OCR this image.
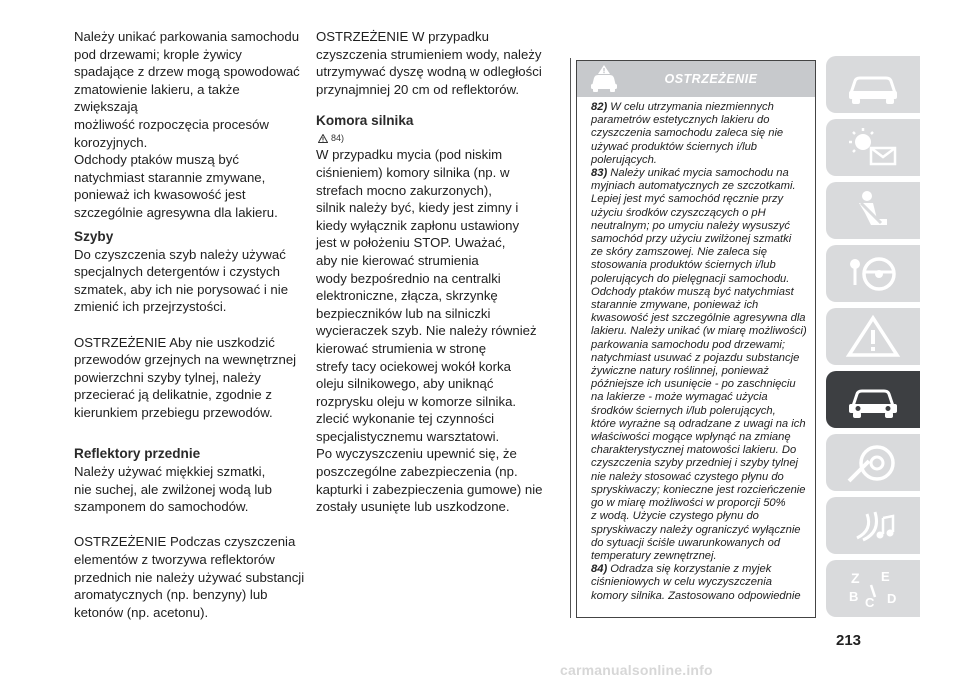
Należy unikać parkowania samochodu
pod drzewami; krople żywicy
spadające z drzew mogą spowodować
zmatowienie lakieru, a także zwiększają
możliwość rozpoczęcia procesów
korozyjnych.

Odchody ptaków muszą być
natychmiast starannie zmywane,
ponieważ ich kwasowość jest
szczególnie agresywna dla lakieru.

Szyby

Do czyszczenia szyb należy używać
specjalnych detergentów i czystych
szmatek, aby ich nie porysować i nie
zmienić ich przejrzystości.

OSTRZEŻENIE Aby nie uszkodzić
przewodów grzejnych na wewnętrznej
powierzchni szyby tylnej, należy
przecierać ją delikatnie, zgodnie z
kierunkiem przebiegu przewodów.

Reflektory przednie

Należy używać miękkiej szmatki,
nie suchej, ale zwilżonej wodą lub
szamponem do samochodów.

OSTRZEŻENIE Podczas czyszczenia
elementów z tworzywa reflektorów
przednich nie należy używać substancji
aromatycznych (np. benzyny) lub
ketonów (np. acetonu).

OSTRZEŻENIE W przypadku
czyszczenia strumieniem wody, należy
utrzymywać dyszę wodną w odległości
przynajmniej 20 cm od reflektorów.

Komora silnika

84)

W przypadku mycia (pod niskim
ciśnieniem) komory silnika (np. w
strefach mocno zakurzonych),
silnik należy być, kiedy jest zimny i
kiedy wyłącznik zapłonu ustawiony
jest w położeniu STOP. Uważać,
aby nie kierować strumienia
wody bezpośrednio na centralki
elektroniczne, złącza, skrzynkę
bezpieczników lub na silniczki
wycieraczek szyb. Nie należy również
kierować strumienia w stronę
strefy tacy ociekowej wokół korka
oleju silnikowego, aby uniknąć
rozprysku oleju w komorze silnika.
zlecić wykonanie tej czynności
specjalistycznemu warsztatowi.
Po wyczyszczeniu upewnić się, że
poszczególne zabezpieczenia (np.
kapturki i zabezpieczenia gumowe) nie
zostały usunięte lub uszkodzone.

OSTRZEŻENIE

82) W celu utrzymania niezmiennych
parametrów estetycznych lakieru do
czyszczenia samochodu zaleca się nie
używać produktów ściernych i/lub
polerujących.

83) Należy unikać mycia samochodu na
myjniach automatycznych ze szczotkami.
Lepiej jest myć samochód ręcznie przy
użyciu środków czyszczących o pH
neutralnym; po umyciu należy wysuszyć
samochód przy użyciu zwilżonej szmatki
ze skóry zamszowej. Nie zaleca się
stosowania produktów ściernych i/lub
polerujących do pielęgnacji samochodu.
Odchody ptaków muszą być natychmiast
starannie zmywane, ponieważ ich
kwasowość jest szczególnie agresywna dla
lakieru. Należy unikać (w miarę możliwości)
parkowania samochodu pod drzewami;
natychmiast usuwać z pojazdu substancje
żywiczne natury roślinnej, ponieważ
późniejsze ich usunięcie - po zaschnięciu
na lakierze - może wymagać użycia
środków ściernych i/lub polerujących,
które wyrażne są odradzane z uwagi na ich
właściwości mogące wpłynąć na zmianę
charakterystycznej matowości lakieru. Do
czyszczenia szyby przedniej i szyby tylnej
nie należy stosować czystego płynu do
spryskiwaczy; konieczne jest rozcieńczenie
go w miarę możliwości w proporcji 50%
z wodą. Użycie czystego płynu do
spryskiwaczy należy ograniczyć wyłącznie
do sytuacji ściśle uwarunkowanych od
temperatury zewnętrznej.

84) Odradza się korzystanie z myjek
ciśnieniowych w celu wyczyszczenia
komory silnika. Zastosowano odpowiednie

Z E
B C D
213
carmanualsonline.info
